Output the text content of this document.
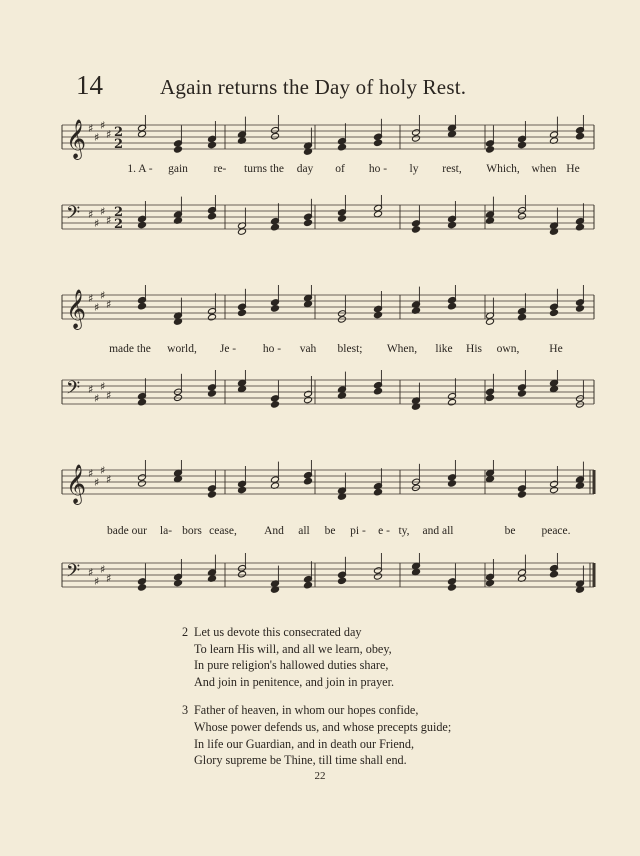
14	Again returns the Day of holy Rest.
𝄞 ♯
♯
♯
♯ 2
2
1. A - gain re- turns the day of ho - ly rest, Which, when He
𝄢 ♯
♯
♯
♯
2
2
𝄞 ♯
♯
♯
♯
made the world, Je - ho - vah blest; When, like His own,	He
𝄢 ♯
♯
♯
♯
𝄞 ♯
♯
♯
♯
bade our la- bors cease, And all be pi - e - ty, and all	be peace.
𝄢 ♯
♯
♯
♯
2 Let us devote this consecrated day
To learn His will, and all we learn, obey,
In pure religion's hallowed duties share,
And join in penitence, and join in prayer.
3 Father of heaven, in whom our hopes confide,
Whose power defends us, and whose precepts guide;
In life our Guardian, and in death our Friend,
Glory supreme be Thine, till time shall end.
22
